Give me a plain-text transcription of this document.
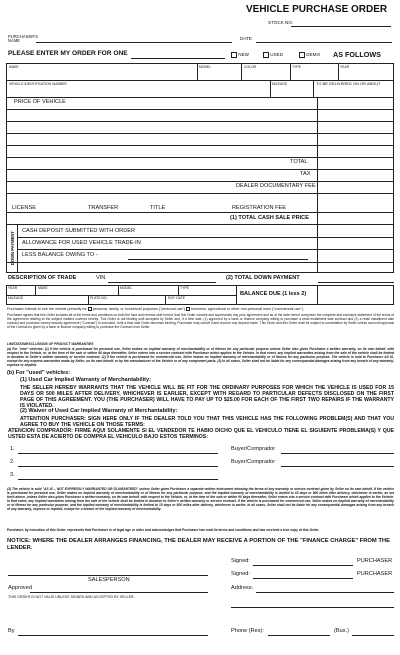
VEHICLE PURCHASE ORDER
STOCK NO.
PURCHASER'S NAME	DATE
PLEASE ENTER MY ORDER FOR ONE	NEW	USED	DEMO AS FOLLOWS
MAKE	MODEL	COLOR	TYPE	YEAR
VEHICLE IDENTIFICATION NUMBER	MILEAGE	TO BE DELIVERED ON OR ABOUT
PRICE OF VEHICLE
TOTAL
TAX
DEALER DOCUMENTARY FEE
LICENSE	TRANSFER	TITLE	REGISTRATION FEE
(1) TOTAL CASH SALE PRICE
DOWN PAYMENT
CASH DEPOSIT SUBMITTED WITH ORDER
ALLOWANCE FOR USED VEHICLE TRADE-IN
LESS BALANCE OWING TO -
DESCRIPTION OF TRADE	VIN	(2) TOTAL DOWN PAYMENT
YEAR	MAKE	MODEL	TYPE
MILEAGE	PLATE NO.	EXP. DATE
BALANCE DUE (1 less 2)
Purchaser intends to use the vehicle primarily for personal, family, or household purposes ("personal use") business, agricultural or other non-personal uses ("commercial use").
Purchaser agrees that this Order includes all of the terms and conditions on both the face and reverse side hereof, that this Order cancels and supersedes any prior agreement and as of the date hereof comprises the complete and exclusive statement of the terms of the agreement relating to the subject matters covered hereby. This Order is not binding until accepted by Seller and, if a time sale, (1) approved by a bank or finance company willing to purchase a retail installment sale contract and (2) a retail installment sale contract and purchase money security agreement ("Contract") is executed. Until a time sale Order becomes binding, Purchaser may cancel it and recover any deposit made. This Order and this Order shall be subject to cancellation by Seller unless and until approval of the Contract is given by a bank or finance company willing to purchase the Contract from Seller.
LIMITATION/EXCLUSIONS OF PRODUCT WARRANTIES
(a) For "new" vehicles: (1) If the vehicle is purchased for personal use, Seller makes no implied warranty of merchantability or of fitness for any particular purpose unless Seller also gives Purchaser a written warranty, on its own behalf, with respect to the Vehicle, or, at the time of the sale or within 90 days thereafter, Seller enters into a service contract with Purchaser which applies to the Vehicle. In that event, any implied warranties arising from the sale of the vehicle shall be limited in duration to Seller's written warranty or service contract; (2) If the vehicle is purchased for commercial use, Seller makes no implied warranty of merchantability or of fitness for any particular purpose. The vehicle is sold to Purchaser AS IS, except for any express warranties made by Seller, on its own behalf, or by the manufacturer of the Vehicle or of any component parts. (3) In all cases, Seller shall not be liable for any consequential damages arising from any breach of any warranty, express or implied.
(b) For "used" vehicles:
(1) Used Car Implied Warranty of Merchantability:
THE SELLER HEREBY WARRANTS THAT THE VEHICLE WILL BE FIT FOR THE ORDINARY PURPOSES FOR WHICH THE VEHICLE IS USED FOR 15 DAYS OR 500 MILES AFTER DELIVERY, WHICHEVER IS EARLIER, EXCEPT WITH REGARD TO PARTICULAR DEFECTS DISCLOSED ON THE FIRST PAGE OF THIS AGREEMENT. YOU (THE PURCHASER) WILL HAVE TO PAY UP TO $25.00 FOR EACH OF THE FIRST TWO REPAIRS IF THE WARRANTY IS VIOLATED.
(2) Waiver of Used Car Implied Warranty of Merchantability:
ATTENTION PURCHASER: SIGN HERE ONLY IF THE DEALER TOLD YOU THAT THIS VEHICLE HAS THE FOLLOWING PROBLEM(S) AND THAT YOU AGREE TO BUY THE VEHICLE ON THOSE TERMS:
ATENCION COMPRADOR: FIRME AQUI SOLAMENTE SI EL VENDEDOR TE HABIO DICHO QUE EL VEHICULO TIENE EL SIGUIENTE PROBLEMA(S) Y QUE USTED ESTA DE ACIERTO DE COMPRA EL VEHICULO BAJO ESTOS TERMINOS:
1.	Buyer/Comprador
2.	Buyer/Comprador
3.
(3) The vehicle is sold "AS IS -- NOT EXPRESSLY WARRANTED OR GUARANTEED" unless Seller gives Purchaser a separate written instrument showing the terms of any warranty or service contract given by Seller on its own behalf. If the vehicle is purchased for personal use, Seller makes no implied warranty of merchantability or of fitness for any particular purpose, and the implied warranty of merchantability is limited to 15 days or 500 miles after delivery, whichever is earlier, as set forth above, unless Seller also gives Purchaser a written warranty, on its own behalf, with respect to the Vehicle, or, at the time of the sale or within 90 days thereafter, Seller enters into a service contract with Purchaser which applies to the Vehicle. In that event, any implied warranties arising from the sale of the vehicle shall be limited in duration to Seller's written warranty or service contract. If the vehicle is purchased for commercial use, Seller makes no implied warranty of merchantability or of fitness for any particular purpose, and the implied warranty of merchantability is limited to 15 days or 500 miles after delivery, whichever is earlier. In all cases, Seller shall not be liable for any consequential damages arising from any breach of any warranty, express or implied, except for a breach of the implied warranty of merchantability.
Purchaser, by execution of this Order, represents that Purchaser is of legal age or older and acknowledges that Purchaser has read its terms and conditions and has received a true copy of this Order.
NOTICE: WHERE THE DEALER ARRANGES FINANCING, THE DEALER MAY RECEIVE A PORTION OF THE "FINANCE CHARGE" FROM THE LENDER.
Signed:	PURCHASER
Signed:	PURCHASER
SALESPERSON
Approved
THIS ORDER IS NOT VALID UNLESS SIGNED AND ACCEPTED BY SELLER.
Address:
By	Phone (Res):	(Bus.)
